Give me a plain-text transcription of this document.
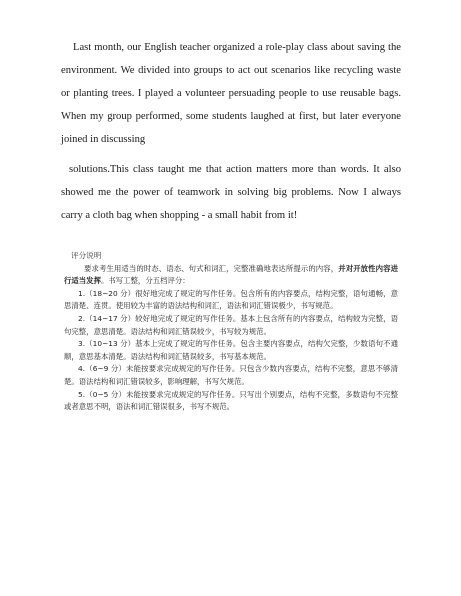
Last month, our English teacher organized a role-play class about saving the environment. We divided into groups to act out scenarios like recycling waste or planting trees. I played a volunteer persuading people to use reusable bags. When my group performed, some students laughed at first, but later everyone joined in discussing

solutions.This class taught me that action matters more than words. It also showed me the power of teamwork in solving big problems. Now I always carry a cloth bag when shopping - a small habit from it!

评分说明

要求考生用适当的时态、语态、句式和词汇，完整准确地表达所提示的内容，并对开放性内容进行适当发挥。书写工整，分五档评分：

1.（18~20 分）很好地完成了规定的写作任务。包含所有的内容要点，结构完整，语句通畅，意思清楚、连贯。使用较为丰富的语法结构和词汇，语法和词汇错误极少，书写规范。

2.（14~17 分）较好地完成了规定的写作任务。基本上包含所有的内容要点，结构较为完整，语句完整，意思清楚。语法结构和词汇错误较少，书写较为规范。

3.（10~13 分）基本上完成了规定的写作任务。包含主要内容要点，结构欠完整，少数语句不通顺，意思基本清楚。语法结构和词汇错误较多，书写基本规范。

4.（6~9 分）未能按要求完成规定的写作任务。只包含少数内容要点，结构不完整，意思不够清楚。语法结构和词汇错误较多，影响理解，书写欠规范。

5.（0~5 分）未能按要求完成规定的写作任务。只写出个别要点，结构不完整，多数语句不完整或者意思不明，语法和词汇错误很多，书写不规范。
